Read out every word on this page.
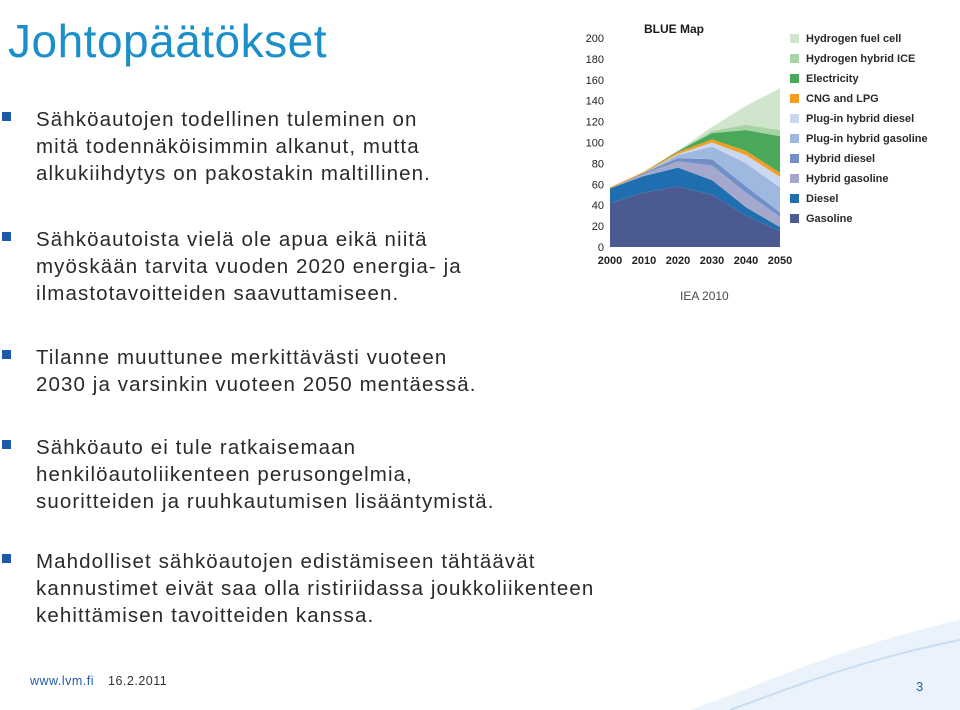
Johtopäätökset
Sähköautojen todellinen tuleminen on
mitä todennäköisimmin alkanut, mutta
alkukiihdytys on pakostakin maltillinen.
Sähköautoista vielä ole apua eikä niitä
myöskään tarvita vuoden 2020 energia- ja
ilmastotavoitteiden saavuttamiseen.
Tilanne muuttunee merkittävästi vuoteen
2030 ja varsinkin vuoteen 2050 mentäessä.
Sähköauto ei tule ratkaisemaan
henkilöautoliikenteen perusongelmia,
suoritteiden ja ruuhkautumisen lisääntymistä.
Mahdolliset sähköautojen edistämiseen tähtäävät
kannustimet eivät saa olla ristiriidassa joukkoliikenteen
kehittämisen tavoitteiden kanssa.
BLUE Map
0
20
40
60
80
100
120
140
160
180
200
2000 2010 2020 2030 2040 2050
Hydrogen fuel cell
Hydrogen hybrid ICE
Electricity
CNG and LPG
Plug-in hybrid diesel
Plug-in hybrid gasoline
Hybrid diesel
Hybrid gasoline
Diesel
Gasoline
IEA 2010
www.lvm.fi 16.2.2011	3
